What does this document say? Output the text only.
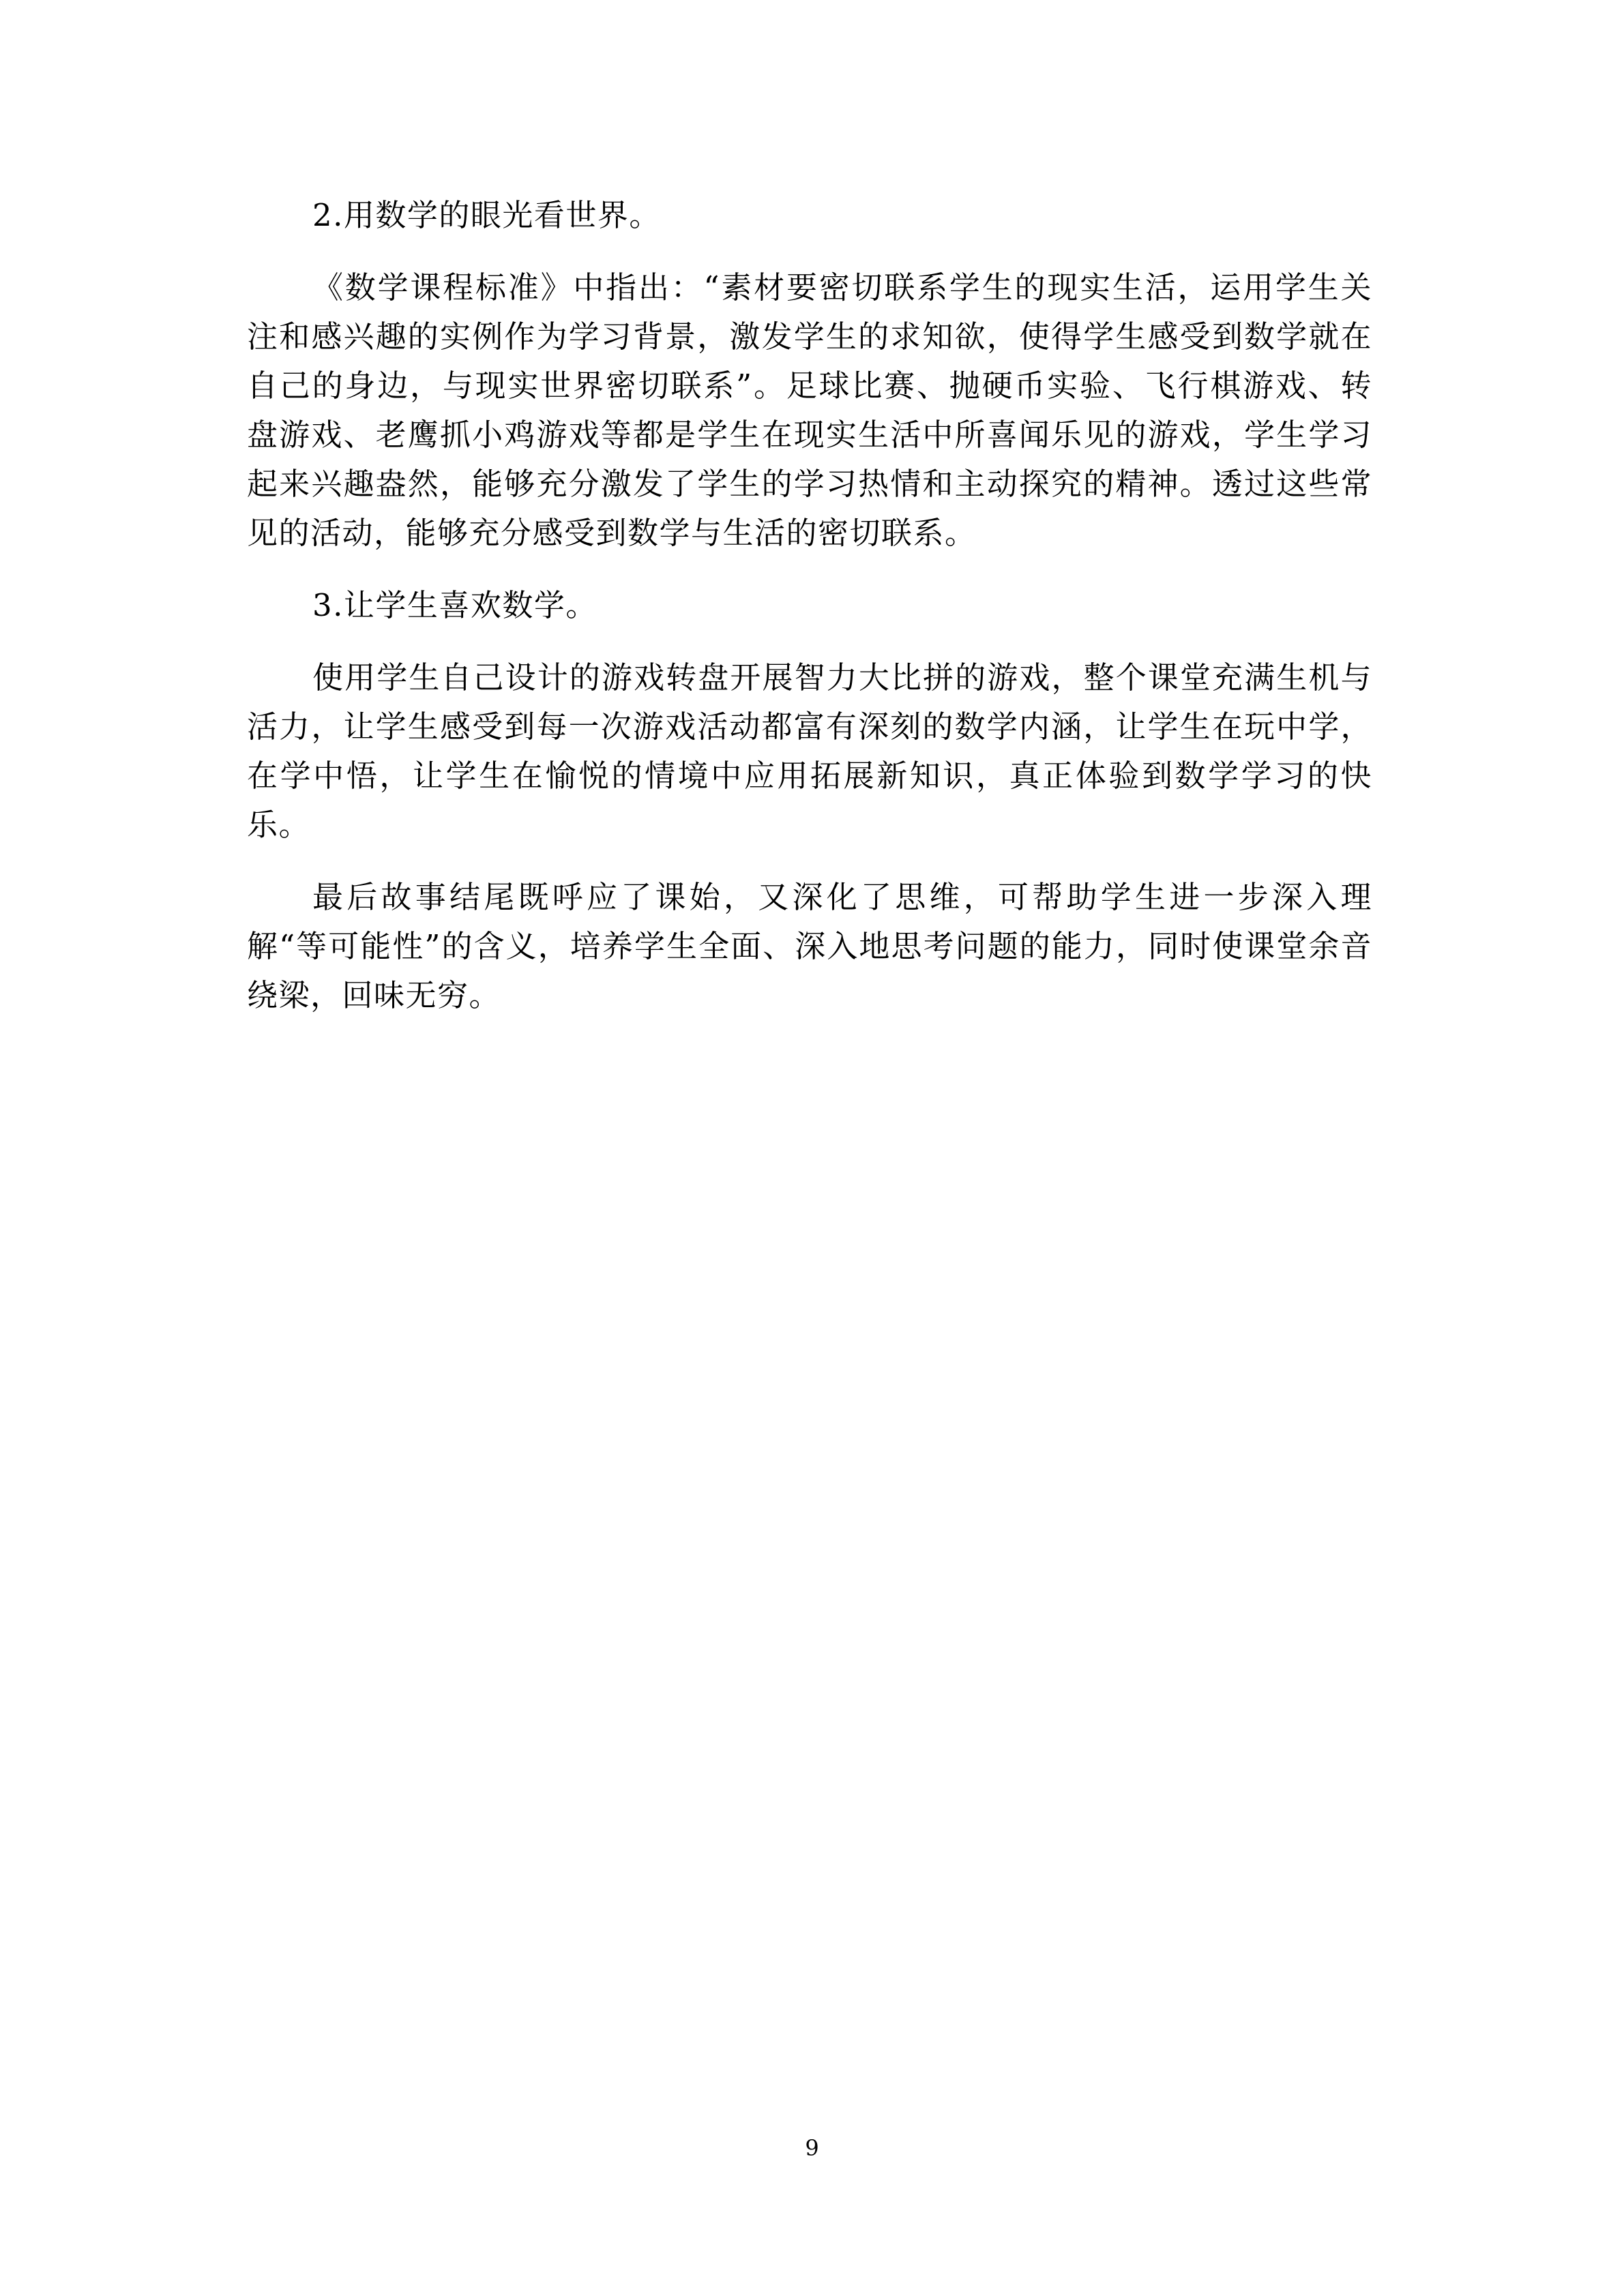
2.用数学的眼光看世界。

《数学课程标准》中指出：“素材要密切联系学生的现实生活，运用学生关注和感兴趣的实例作为学习背景，激发学生的求知欲，使得学生感受到数学就在自己的身边，与现实世界密切联系”。足球比赛、抛硬币实验、飞行棋游戏、转盘游戏、老鹰抓小鸡游戏等都是学生在现实生活中所喜闻乐见的游戏，学生学习起来兴趣盎然，能够充分激发了学生的学习热情和主动探究的精神。透过这些常见的活动，能够充分感受到数学与生活的密切联系。

3.让学生喜欢数学。

使用学生自己设计的游戏转盘开展智力大比拼的游戏，整个课堂充满生机与活力，让学生感受到每一次游戏活动都富有深刻的数学内涵，让学生在玩中学，在学中悟，让学生在愉悦的情境中应用拓展新知识，真正体验到数学学习的快乐。

最后故事结尾既呼应了课始，又深化了思维，可帮助学生进一步深入理解“等可能性”的含义，培养学生全面、深入地思考问题的能力，同时使课堂余音绕梁，回味无穷。

9
